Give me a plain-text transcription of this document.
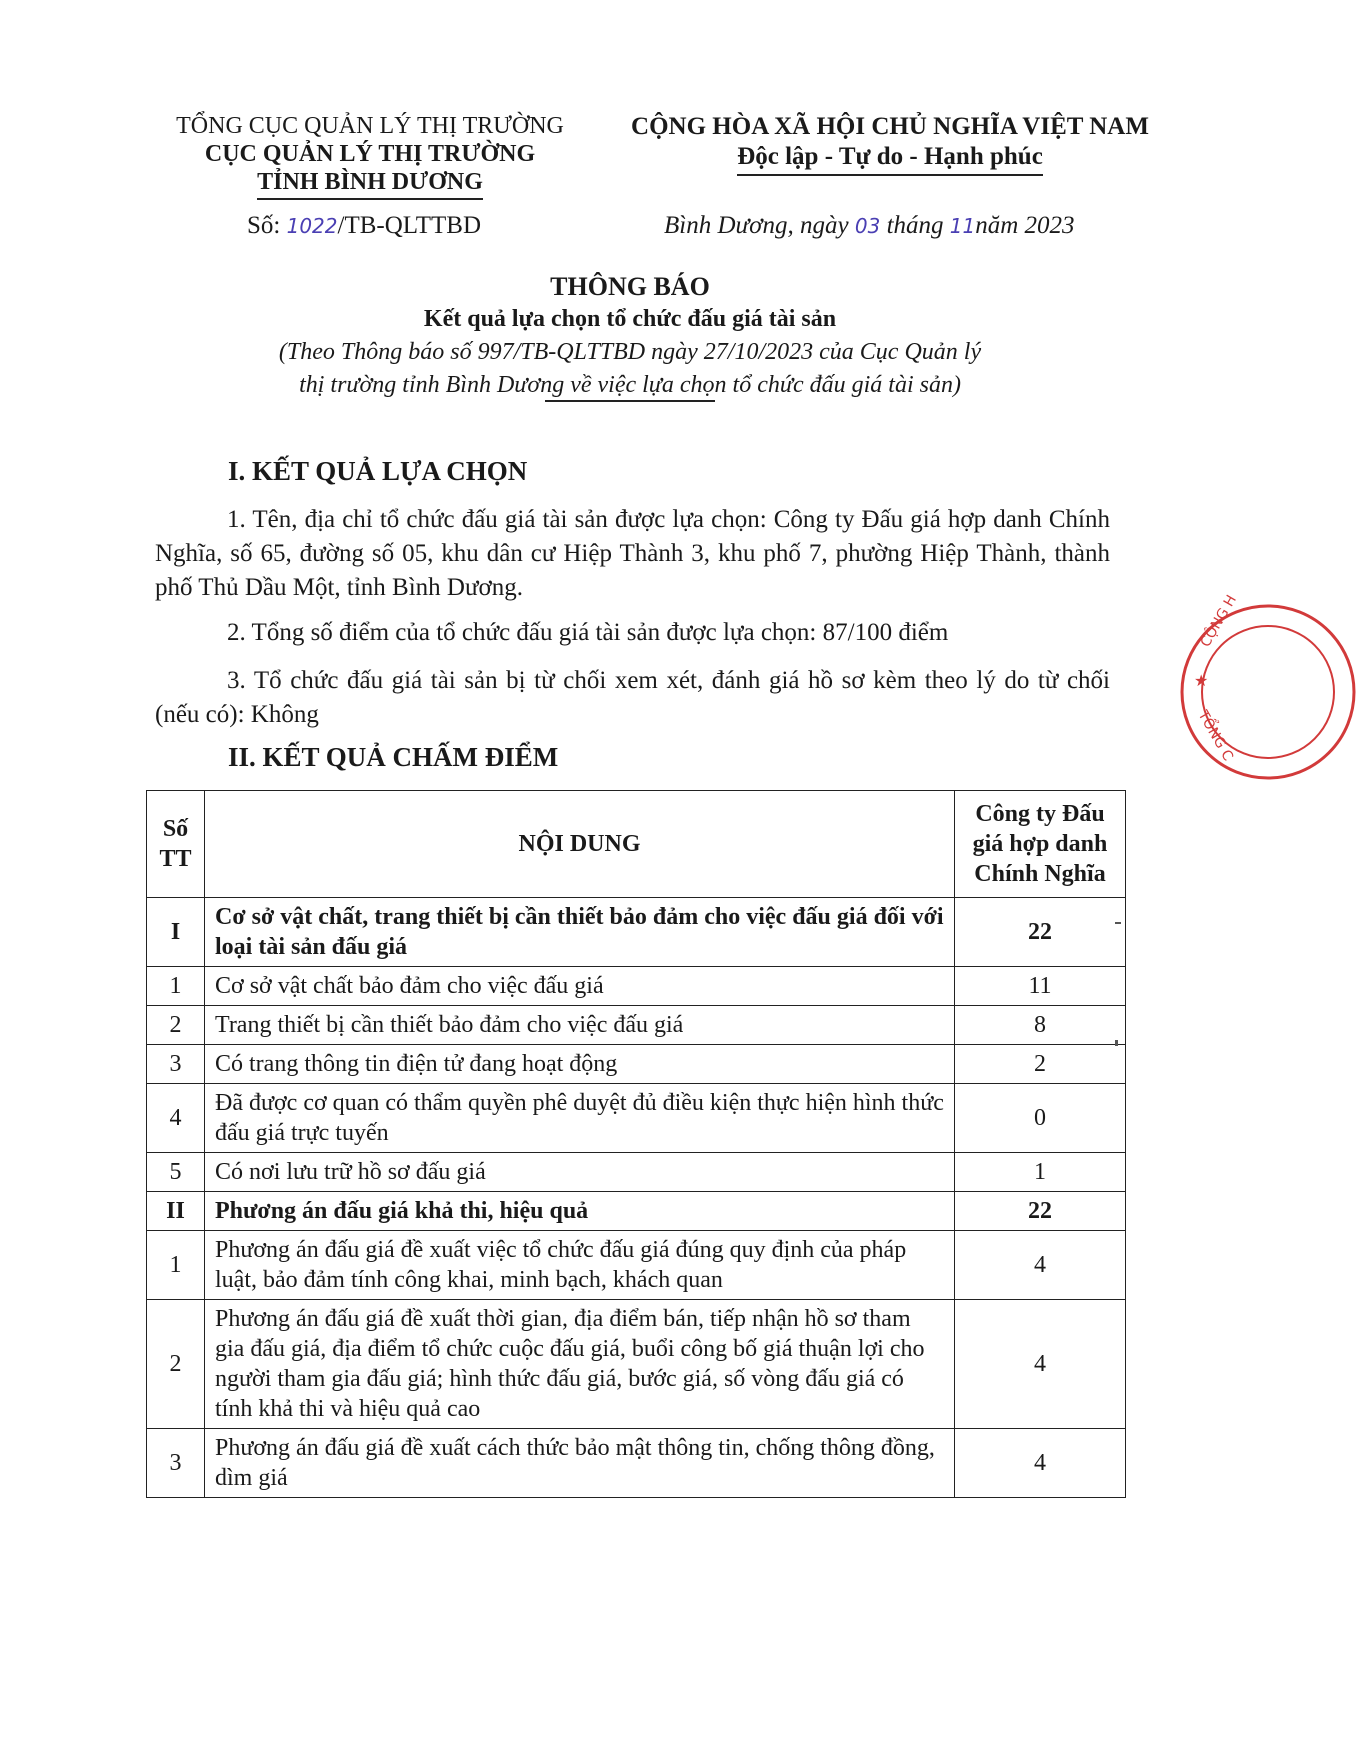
TỔNG CỤC QUẢN LÝ THỊ TRƯỜNG
CỤC QUẢN LÝ THỊ TRƯỜNG
TỈNH BÌNH DƯƠNG
CỘNG HÒA XÃ HỘI CHỦ NGHĨA VIỆT NAM
Độc lập - Tự do - Hạnh phúc
Số: 1022/TB-QLTTBD	Bình Dương, ngày 03 tháng 11năm 2023
THÔNG BÁO
Kết quả lựa chọn tổ chức đấu giá tài sản
(Theo Thông báo số 997/TB-QLTTBD ngày 27/10/2023 của Cục Quản lý
thị trường tỉnh Bình Dương về việc lựa chọn tổ chức đấu giá tài sản)
I. KẾT QUẢ LỰA CHỌN
1. Tên, địa chỉ tổ chức đấu giá tài sản được lựa chọn: Công ty Đấu giá hợp danh Chính Nghĩa, số 65, đường số 05, khu dân cư Hiệp Thành 3, khu phố 7, phường Hiệp Thành, thành phố Thủ Dầu Một, tỉnh Bình Dương.
2. Tổng số điểm của tổ chức đấu giá tài sản được lựa chọn: 87/100 điểm
3. Tổ chức đấu giá tài sản bị từ chối xem xét, đánh giá hồ sơ kèm theo lý do từ chối (nếu có): Không
II. KẾT QUẢ CHẤM ĐIỂM
Số
TT	NỘI DUNG	Công ty Đấu giá hợp danh Chính Nghĩa
I	Cơ sở vật chất, trang thiết bị cần thiết bảo đảm cho việc đấu giá đối với loại tài sản đấu giá	22
1	Cơ sở vật chất bảo đảm cho việc đấu giá	11
2	Trang thiết bị cần thiết bảo đảm cho việc đấu giá	8
3	Có trang thông tin điện tử đang hoạt động	2
4	Đã được cơ quan có thẩm quyền phê duyệt đủ điều kiện thực hiện hình thức đấu giá trực tuyến	0
5	Có nơi lưu trữ hồ sơ đấu giá	1
II	Phương án đấu giá khả thi, hiệu quả	22
1	Phương án đấu giá đề xuất việc tổ chức đấu giá đúng quy định của pháp luật, bảo đảm tính công khai, minh bạch, khách quan	4
2	Phương án đấu giá đề xuất thời gian, địa điểm bán, tiếp nhận hồ sơ tham gia đấu giá, địa điểm tổ chức cuộc đấu giá, buổi công bố giá thuận lợi cho người tham gia đấu giá; hình thức đấu giá, bước giá, số vòng đấu giá có tính khả thi và hiệu quả cao	4
3	Phương án đấu giá đề xuất cách thức bảo mật thông tin, chống thông đồng, dìm giá	4
CỘNG H
TỔNG C
★
